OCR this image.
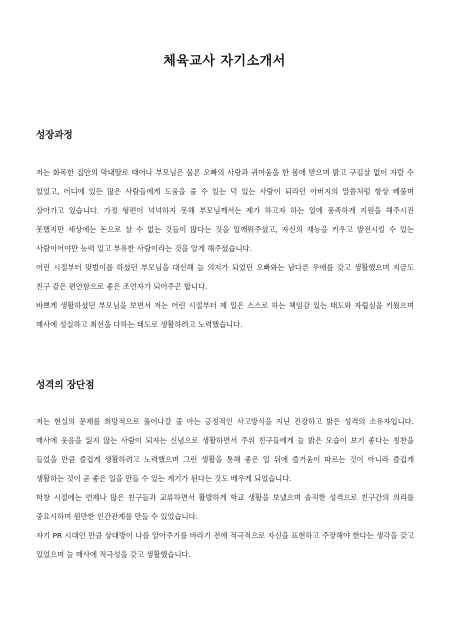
체육교사 자기소개서
성장과정

저는 화목한 집안의 막내딸로 태어나 부모님은 물론 오빠의 사랑과 귀여움을 한 몸에 받으며 밝고 구김살 없이 자랄 수 있었고, 어디에 있든 많은 사람들에게 도움을 줄 수 있는 덕 있는 사람이 되라던 아버지의 말씀처럼 항상 베풀며 살아가고 있습니다. 가정 형편이 넉넉하지 못해 부모님께서는 제가 하고자 하는 일에 풍족하게 지원을 해주시진 못했지만 세상에는 돈으로 살 수 없는 것들이 많다는 것을 일깨워주셨고, 자신의 재능을 키우고 발전시킬 수 있는 사람이어야만 능력 있고 부유한 사람이라는 것을 알게 해주셨습니다.

어린 시절부터 맞벌이를 하셨던 부모님을 대신해 늘 의지가 되었던 오빠와는 남다른 우애를 갖고 생활했으며 지금도 친구 같은 편안함으로 좋은 조언자가 되어주곤 합니다.

바쁘게 생활하셨던 부모님을 보면서 저는 어린 시절부터 제 일은 스스로 하는 책임감 있는 태도와 자립심을 키웠으며 매사에 성실하고 최선을 다하는 태도로 생활하려고 노력했습니다.

성격의 장단점

저는 현실의 문제를 희망적으로 풀어나갈 줄 아는 긍정적인 사고방식을 지닌 건강하고 밝은 성격의 소유자입니다. 매사에 웃음을 잃지 않는 사람이 되자는 신념으로 생활하면서 주위 친구들에게 늘 밝은 모습이 보기 좋다는 칭찬을 들었을 만큼 즐겁게 생활하려고 노력했으며 그런 생활을 통해 좋은 일 뒤에 즐거움이 따르는 것이 아니라 즐겁게 생활하는 것이 곧 좋은 일을 만들 수 있는 계기가 된다는 것도 배우게 되었습니다.

학창 시절에는 언제나 많은 친구들과 교류하면서 활발하게 학교 생활을 보냈으며 솔직한 성격으로 친구간의 의리를 중요시하며 원만한 인간관계를 만들 수 있었습니다.

자기 PR 시대인 만큼 상대방이 나를 알아주기를 바라기 전에 적극적으로 자신을 표현하고 주장해야 한다는 생각을 갖고 있었으며 늘 매사에 적극성을 갖고 생활했습니다.
